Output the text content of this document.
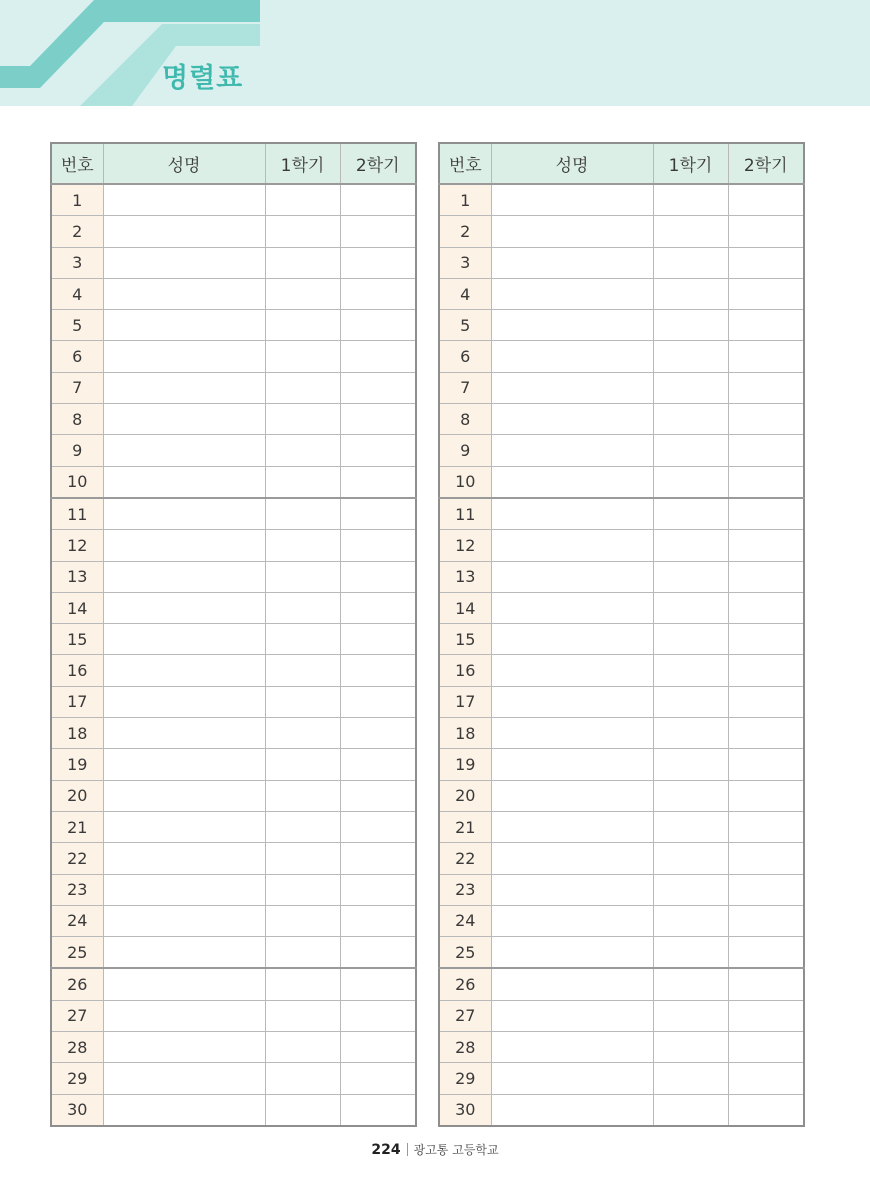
명렬표
번호	성명	1학기	2학기
1			
2			
3			
4			
5			
6			
7			
8			
9			
10			
11			
12			
13			
14			
15			
16			
17			
18			
19			
20			
21			
22			
23			
24			
25			
26			
27			
28			
29			
30			
번호	성명	1학기	2학기
1			
2			
3			
4			
5			
6			
7			
8			
9			
10			
11			
12			
13			
14			
15			
16			
17			
18			
19			
20			
21			
22			
23			
24			
25			
26			
27			
28			
29			
30			
224 광고통 고등학교
